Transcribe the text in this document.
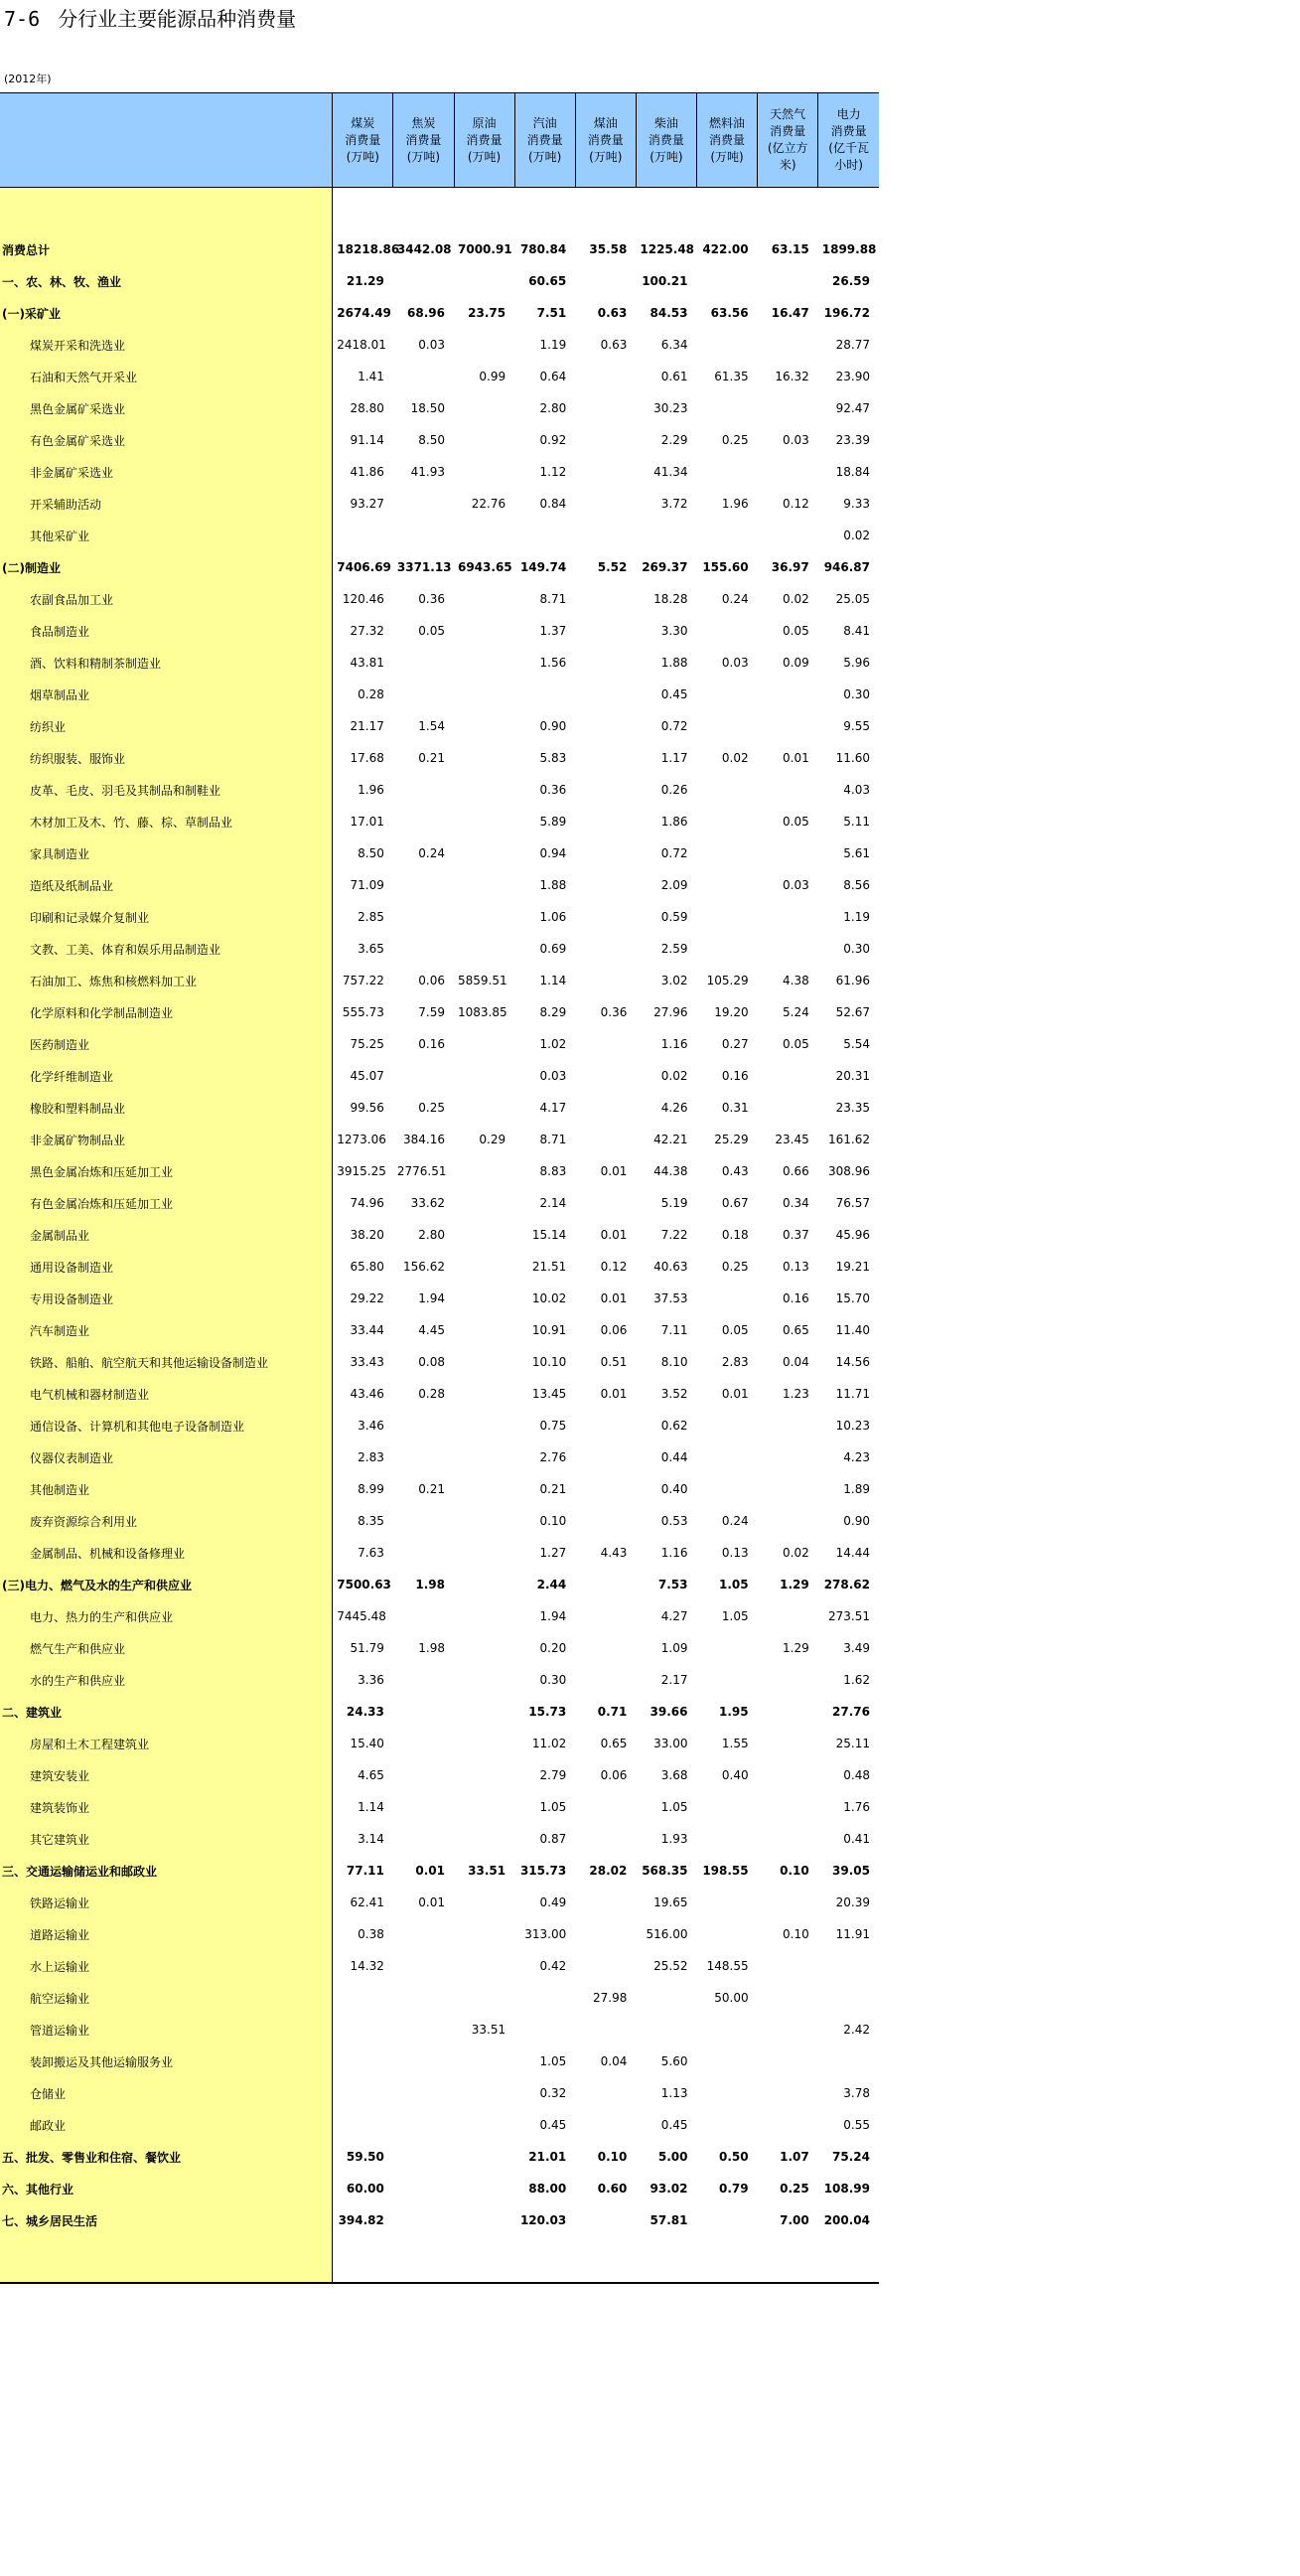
7-6 分行业主要能源品种消费量
(2012年)
	煤炭
消费量
(万吨)	焦炭
消费量
(万吨)	原油
消费量
(万吨)	汽油
消费量
(万吨)	煤油
消费量
(万吨)	柴油
消费量
(万吨)	燃料油
消费量
(万吨)	天然气
消费量
(亿立方
米)	电力
消费量
(亿千瓦
小时)

消费总计	18218.86	3442.08	7000.91	780.84	35.58	1225.48	422.00	63.15	1899.88
一、农、林、牧、渔业	21.29			60.65		100.21			26.59
(一)采矿业	2674.49	68.96	23.75	7.51	0.63	84.53	63.56	16.47	196.72
煤炭开采和洗选业	2418.01	0.03		1.19	0.63	6.34			28.77
石油和天然气开采业	1.41		0.99	0.64		0.61	61.35	16.32	23.90
黑色金属矿采选业	28.80	18.50		2.80		30.23			92.47
有色金属矿采选业	91.14	8.50		0.92		2.29	0.25	0.03	23.39
非金属矿采选业	41.86	41.93		1.12		41.34			18.84
开采辅助活动	93.27		22.76	0.84		3.72	1.96	0.12	9.33
其他采矿业									0.02
(二)制造业	7406.69	3371.13	6943.65	149.74	5.52	269.37	155.60	36.97	946.87
农副食品加工业	120.46	0.36		8.71		18.28	0.24	0.02	25.05
食品制造业	27.32	0.05		1.37		3.30		0.05	8.41
酒、饮料和精制茶制造业	43.81			1.56		1.88	0.03	0.09	5.96
烟草制品业	0.28					0.45			0.30
纺织业	21.17	1.54		0.90		0.72			9.55
纺织服装、服饰业	17.68	0.21		5.83		1.17	0.02	0.01	11.60
皮革、毛皮、羽毛及其制品和制鞋业	1.96			0.36		0.26			4.03
木材加工及木、竹、藤、棕、草制品业	17.01			5.89		1.86		0.05	5.11
家具制造业	8.50	0.24		0.94		0.72			5.61
造纸及纸制品业	71.09			1.88		2.09		0.03	8.56
印刷和记录媒介复制业	2.85			1.06		0.59			1.19
文教、工美、体育和娱乐用品制造业	3.65			0.69		2.59			0.30
石油加工、炼焦和核燃料加工业	757.22	0.06	5859.51	1.14		3.02	105.29	4.38	61.96
化学原料和化学制品制造业	555.73	7.59	1083.85	8.29	0.36	27.96	19.20	5.24	52.67
医药制造业	75.25	0.16		1.02		1.16	0.27	0.05	5.54
化学纤维制造业	45.07			0.03		0.02	0.16		20.31
橡胶和塑料制品业	99.56	0.25		4.17		4.26	0.31		23.35
非金属矿物制品业	1273.06	384.16	0.29	8.71		42.21	25.29	23.45	161.62
黑色金属冶炼和压延加工业	3915.25	2776.51		8.83	0.01	44.38	0.43	0.66	308.96
有色金属冶炼和压延加工业	74.96	33.62		2.14		5.19	0.67	0.34	76.57
金属制品业	38.20	2.80		15.14	0.01	7.22	0.18	0.37	45.96
通用设备制造业	65.80	156.62		21.51	0.12	40.63	0.25	0.13	19.21
专用设备制造业	29.22	1.94		10.02	0.01	37.53		0.16	15.70
汽车制造业	33.44	4.45		10.91	0.06	7.11	0.05	0.65	11.40
铁路、船舶、航空航天和其他运输设备制造业	33.43	0.08		10.10	0.51	8.10	2.83	0.04	14.56
电气机械和器材制造业	43.46	0.28		13.45	0.01	3.52	0.01	1.23	11.71
通信设备、计算机和其他电子设备制造业	3.46			0.75		0.62			10.23
仪器仪表制造业	2.83			2.76		0.44			4.23
其他制造业	8.99	0.21		0.21		0.40			1.89
废弃资源综合利用业	8.35			0.10		0.53	0.24		0.90
金属制品、机械和设备修理业	7.63			1.27	4.43	1.16	0.13	0.02	14.44
(三)电力、燃气及水的生产和供应业	7500.63	1.98		2.44		7.53	1.05	1.29	278.62
电力、热力的生产和供应业	7445.48			1.94		4.27	1.05		273.51
燃气生产和供应业	51.79	1.98		0.20		1.09		1.29	3.49
水的生产和供应业	3.36			0.30		2.17			1.62
二、建筑业	24.33			15.73	0.71	39.66	1.95		27.76
房屋和土木工程建筑业	15.40			11.02	0.65	33.00	1.55		25.11
建筑安装业	4.65			2.79	0.06	3.68	0.40		0.48
建筑装饰业	1.14			1.05		1.05			1.76
其它建筑业	3.14			0.87		1.93			0.41
三、交通运输储运业和邮政业	77.11	0.01	33.51	315.73	28.02	568.35	198.55	0.10	39.05
铁路运输业	62.41	0.01		0.49		19.65			20.39
道路运输业	0.38			313.00		516.00		0.10	11.91
水上运输业	14.32			0.42		25.52	148.55		
航空运输业					27.98		50.00		
管道运输业			33.51						2.42
装卸搬运及其他运输服务业				1.05	0.04	5.60			
仓储业				0.32		1.13			3.78
邮政业				0.45		0.45			0.55
五、批发、零售业和住宿、餐饮业	59.50			21.01	0.10	5.00	0.50	1.07	75.24
六、其他行业	60.00			88.00	0.60	93.02	0.79	0.25	108.99
七、城乡居民生活	394.82			120.03		57.81		7.00	200.04
